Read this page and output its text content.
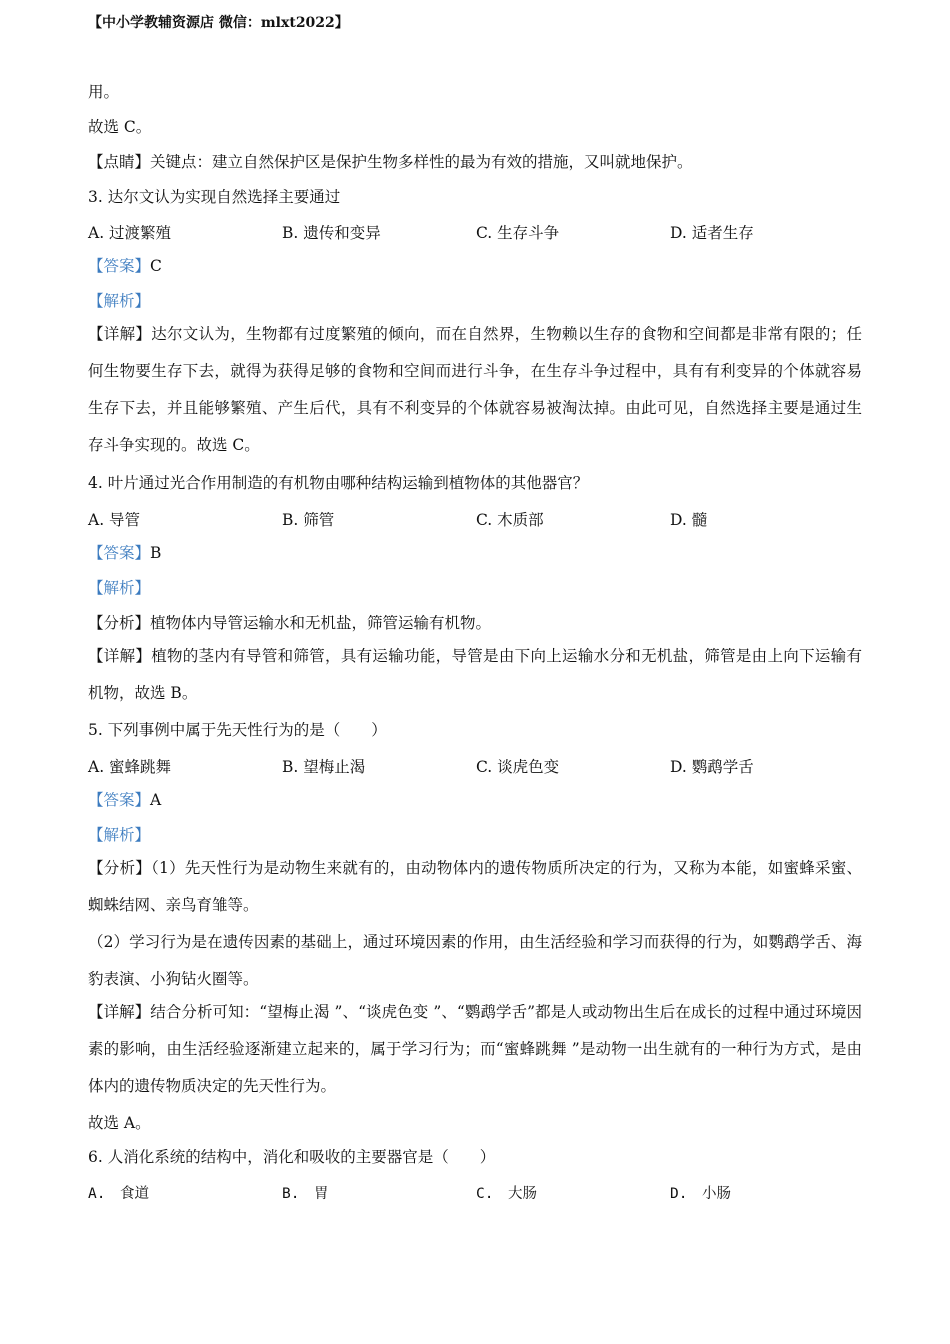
【中小学教辅资源店 微信：mlxt2022】
用。
故选 C。
【点睛】关键点：建立自然保护区是保护生物多样性的最为有效的措施，又叫就地保护。
3. 达尔文认为实现自然选择主要通过
A. 过渡繁殖	B. 遗传和变异	C. 生存斗争	D. 适者生存
【答案】C
【解析】
【详解】达尔文认为，生物都有过度繁殖的倾向，而在自然界，生物赖以生存的食物和空间都是非常有限的；任何生物要生存下去，就得为获得足够的食物和空间而进行斗争，在生存斗争过程中，具有有利变异的个体就容易生存下去，并且能够繁殖、产生后代，具有不利变异的个体就容易被淘汰掉。由此可见，自然选择主要是通过生存斗争实现的。故选 C。
4. 叶片通过光合作用制造的有机物由哪种结构运输到植物体的其他器官？
A. 导管	B. 筛管	C. 木质部	D. 髓
【答案】B
【解析】
【分析】植物体内导管运输水和无机盐，筛管运输有机物。
【详解】植物的茎内有导管和筛管，具有运输功能，导管是由下向上运输水分和无机盐，筛管是由上向下运输有机物，故选 B。
5. 下列事例中属于先天性行为的是（　　）
A. 蜜蜂跳舞	B. 望梅止渴	C. 谈虎色变	D. 鹦鹉学舌
【答案】A
【解析】
【分析】（1）先天性行为是动物生来就有的，由动物体内的遗传物质所决定的行为，又称为本能，如蜜蜂采蜜、蜘蛛结网、亲鸟育雏等。
（2）学习行为是在遗传因素的基础上，通过环境因素的作用，由生活经验和学习而获得的行为，如鹦鹉学舌、海豹表演、小狗钻火圈等。
【详解】结合分析可知：“望梅止渴 ”、“谈虎色变 ”、“鹦鹉学舌”都是人或动物出生后在成长的过程中通过环境因素的影响，由生活经验逐渐建立起来的，属于学习行为；而“蜜蜂跳舞 ”是动物一出生就有的一种行为方式，是由体内的遗传物质决定的先天性行为。
故选 A。
6. 人消化系统的结构中，消化和吸收的主要器官是（　　）
A.　食道	B.　胃	C.　大肠	D.　小肠
